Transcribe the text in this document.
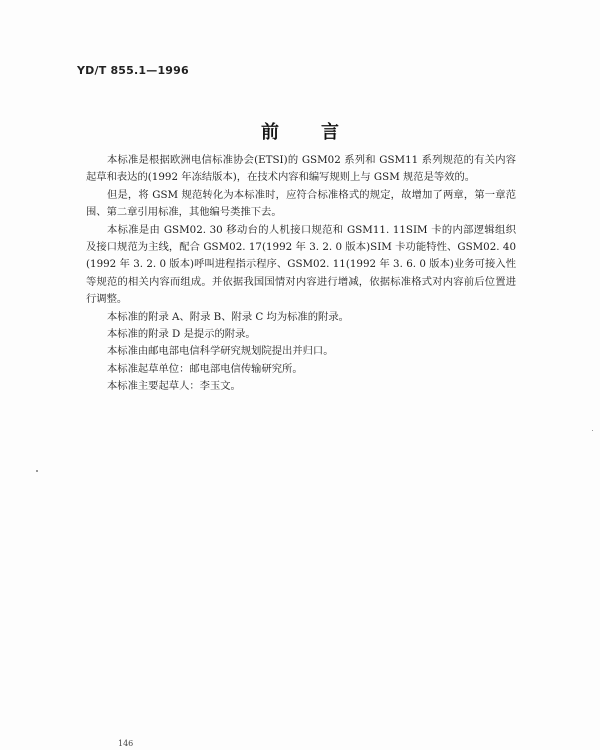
YD/T 855.1—1996
前言

本标准是根据欧洲电信标准协会(ETSI)的 GSM02 系列和 GSM11 系列规范的有关内容起草和表达的(1992 年冻结版本)，在技术内容和编写规则上与 GSM 规范是等效的。

但是，将 GSM 规范转化为本标准时，应符合标准格式的规定，故增加了两章，第一章范围、第二章引用标准，其他编号类推下去。

本标准是由 GSM02. 30 移动台的人机接口规范和 GSM11. 11SIM 卡的内部逻辑组织及接口规范为主线，配合 GSM02. 17(1992 年 3. 2. 0 版本)SIM 卡功能特性、GSM02. 40(1992 年 3. 2. 0 版本)呼叫进程指示程序、GSM02. 11(1992 年 3. 6. 0 版本)业务可接入性等规范的相关内容而组成。并依据我国国情对内容进行增减，依据标准格式对内容前后位置进行调整。

本标准的附录 A、附录 B、附录 C 均为标准的附录。

本标准的附录 D 是提示的附录。

本标准由邮电部电信科学研究规划院提出并归口。

本标准起草单位：邮电部电信传输研究所。

本标准主要起草人：李玉文。

146
